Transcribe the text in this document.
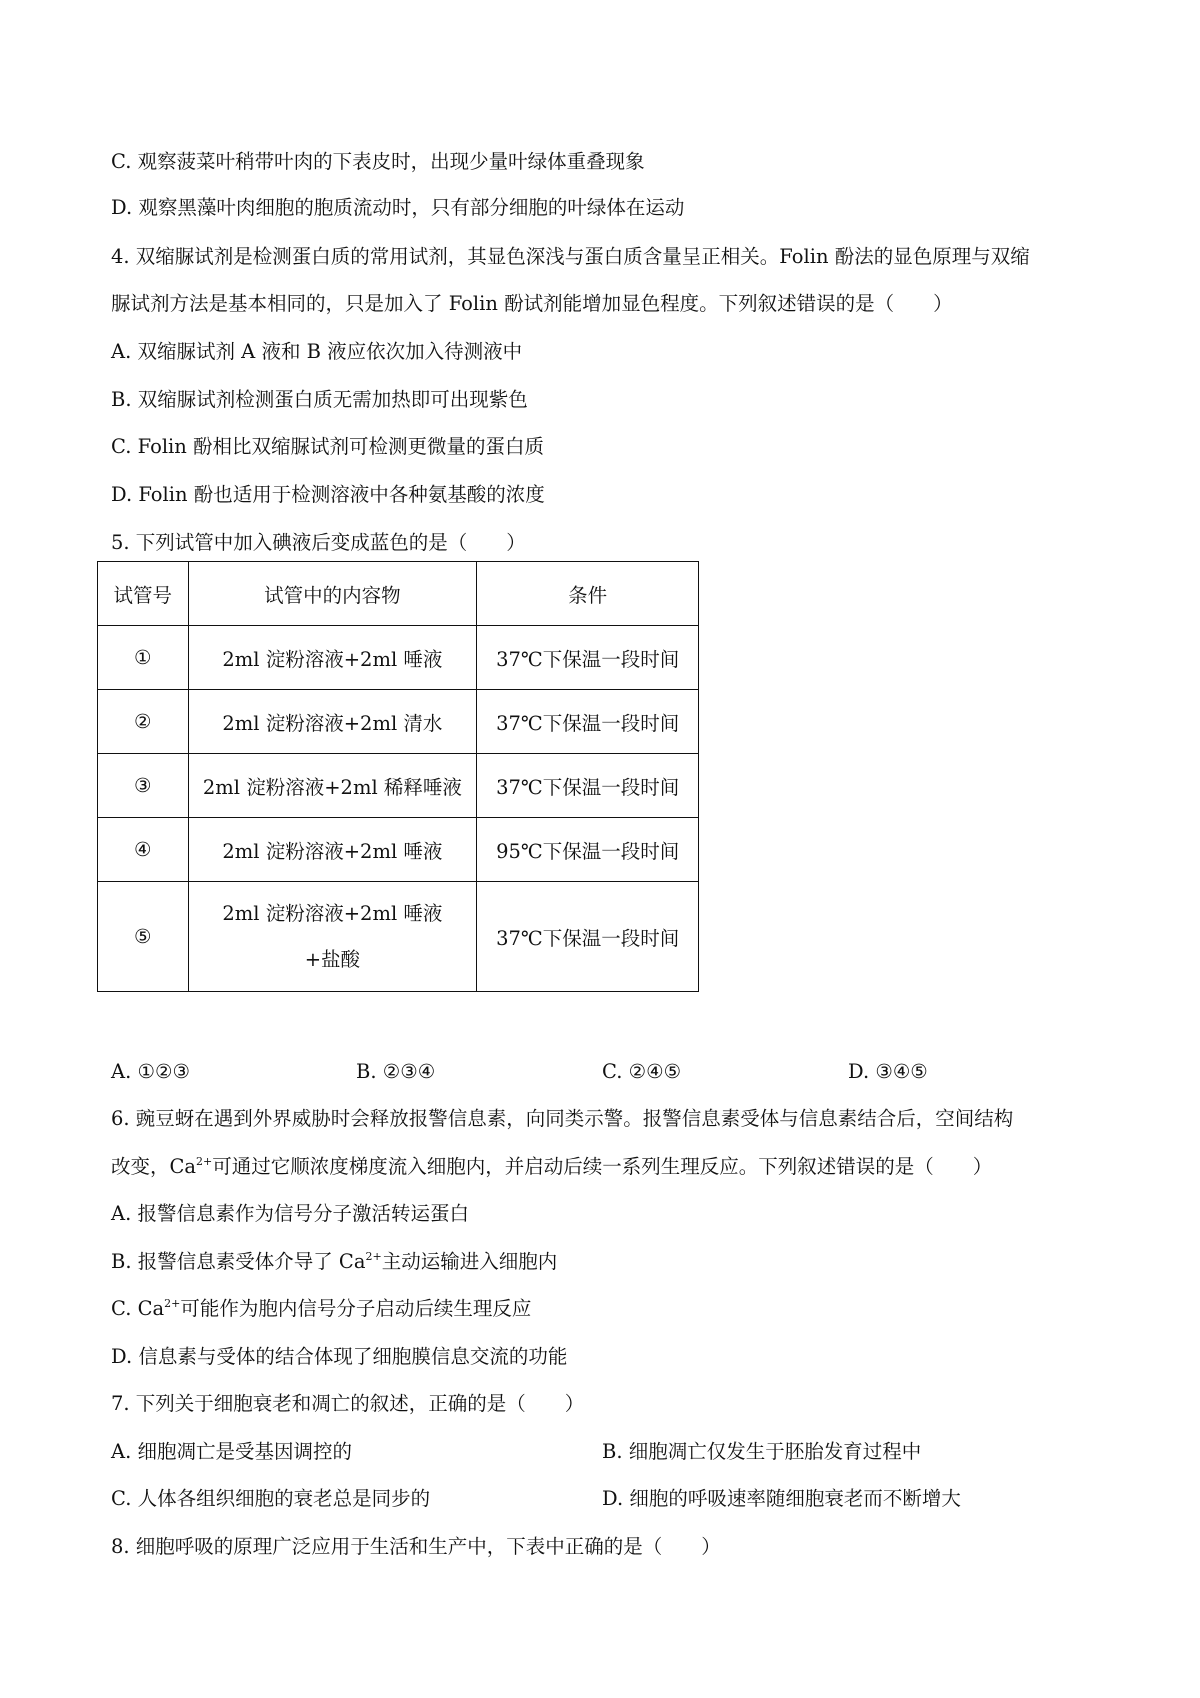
C. 观察菠菜叶稍带叶肉的下表皮时，出现少量叶绿体重叠现象
D. 观察黑藻叶肉细胞的胞质流动时，只有部分细胞的叶绿体在运动
4. 双缩脲试剂是检测蛋白质的常用试剂，其显色深浅与蛋白质含量呈正相关。Folin 酚法的显色原理与双缩
脲试剂方法是基本相同的，只是加入了 Folin 酚试剂能增加显色程度。下列叙述错误的是（　　）
A. 双缩脲试剂 A 液和 B 液应依次加入待测液中
B. 双缩脲试剂检测蛋白质无需加热即可出现紫色
C. Folin 酚相比双缩脲试剂可检测更微量的蛋白质
D. Folin 酚也适用于检测溶液中各种氨基酸的浓度
5. 下列试管中加入碘液后变成蓝色的是（　　）
试管号	试管中的内容物	条件
①	2ml 淀粉溶液+2ml 唾液	37℃下保温一段时间
②	2ml 淀粉溶液+2ml 清水	37℃下保温一段时间
③	2ml 淀粉溶液+2ml 稀释唾液	37℃下保温一段时间
④	2ml 淀粉溶液+2ml 唾液	95℃下保温一段时间
⑤	2ml 淀粉溶液+2ml 唾液+盐酸	37℃下保温一段时间
A. ①②③	B. ②③④	C. ②④⑤	D. ③④⑤
6. 豌豆蚜在遇到外界威胁时会释放报警信息素，向同类示警。报警信息素受体与信息素结合后，空间结构
改变，$Ca^{2+}$可通过它顺浓度梯度流入细胞内，并启动后续一系列生理反应。下列叙述错误的是（　　）
A. 报警信息素作为信号分子激活转运蛋白
B. 报警信息素受体介导了 $Ca^{2+}$主动运输进入细胞内
C. $Ca^{2+}$可能作为胞内信号分子启动后续生理反应
D. 信息素与受体的结合体现了细胞膜信息交流的功能
7. 下列关于细胞衰老和凋亡的叙述，正确的是（　　）
A. 细胞凋亡是受基因调控的	B. 细胞凋亡仅发生于胚胎发育过程中
C. 人体各组织细胞的衰老总是同步的	D. 细胞的呼吸速率随细胞衰老而不断增大
8. 细胞呼吸的原理广泛应用于生活和生产中，下表中正确的是（　　）
